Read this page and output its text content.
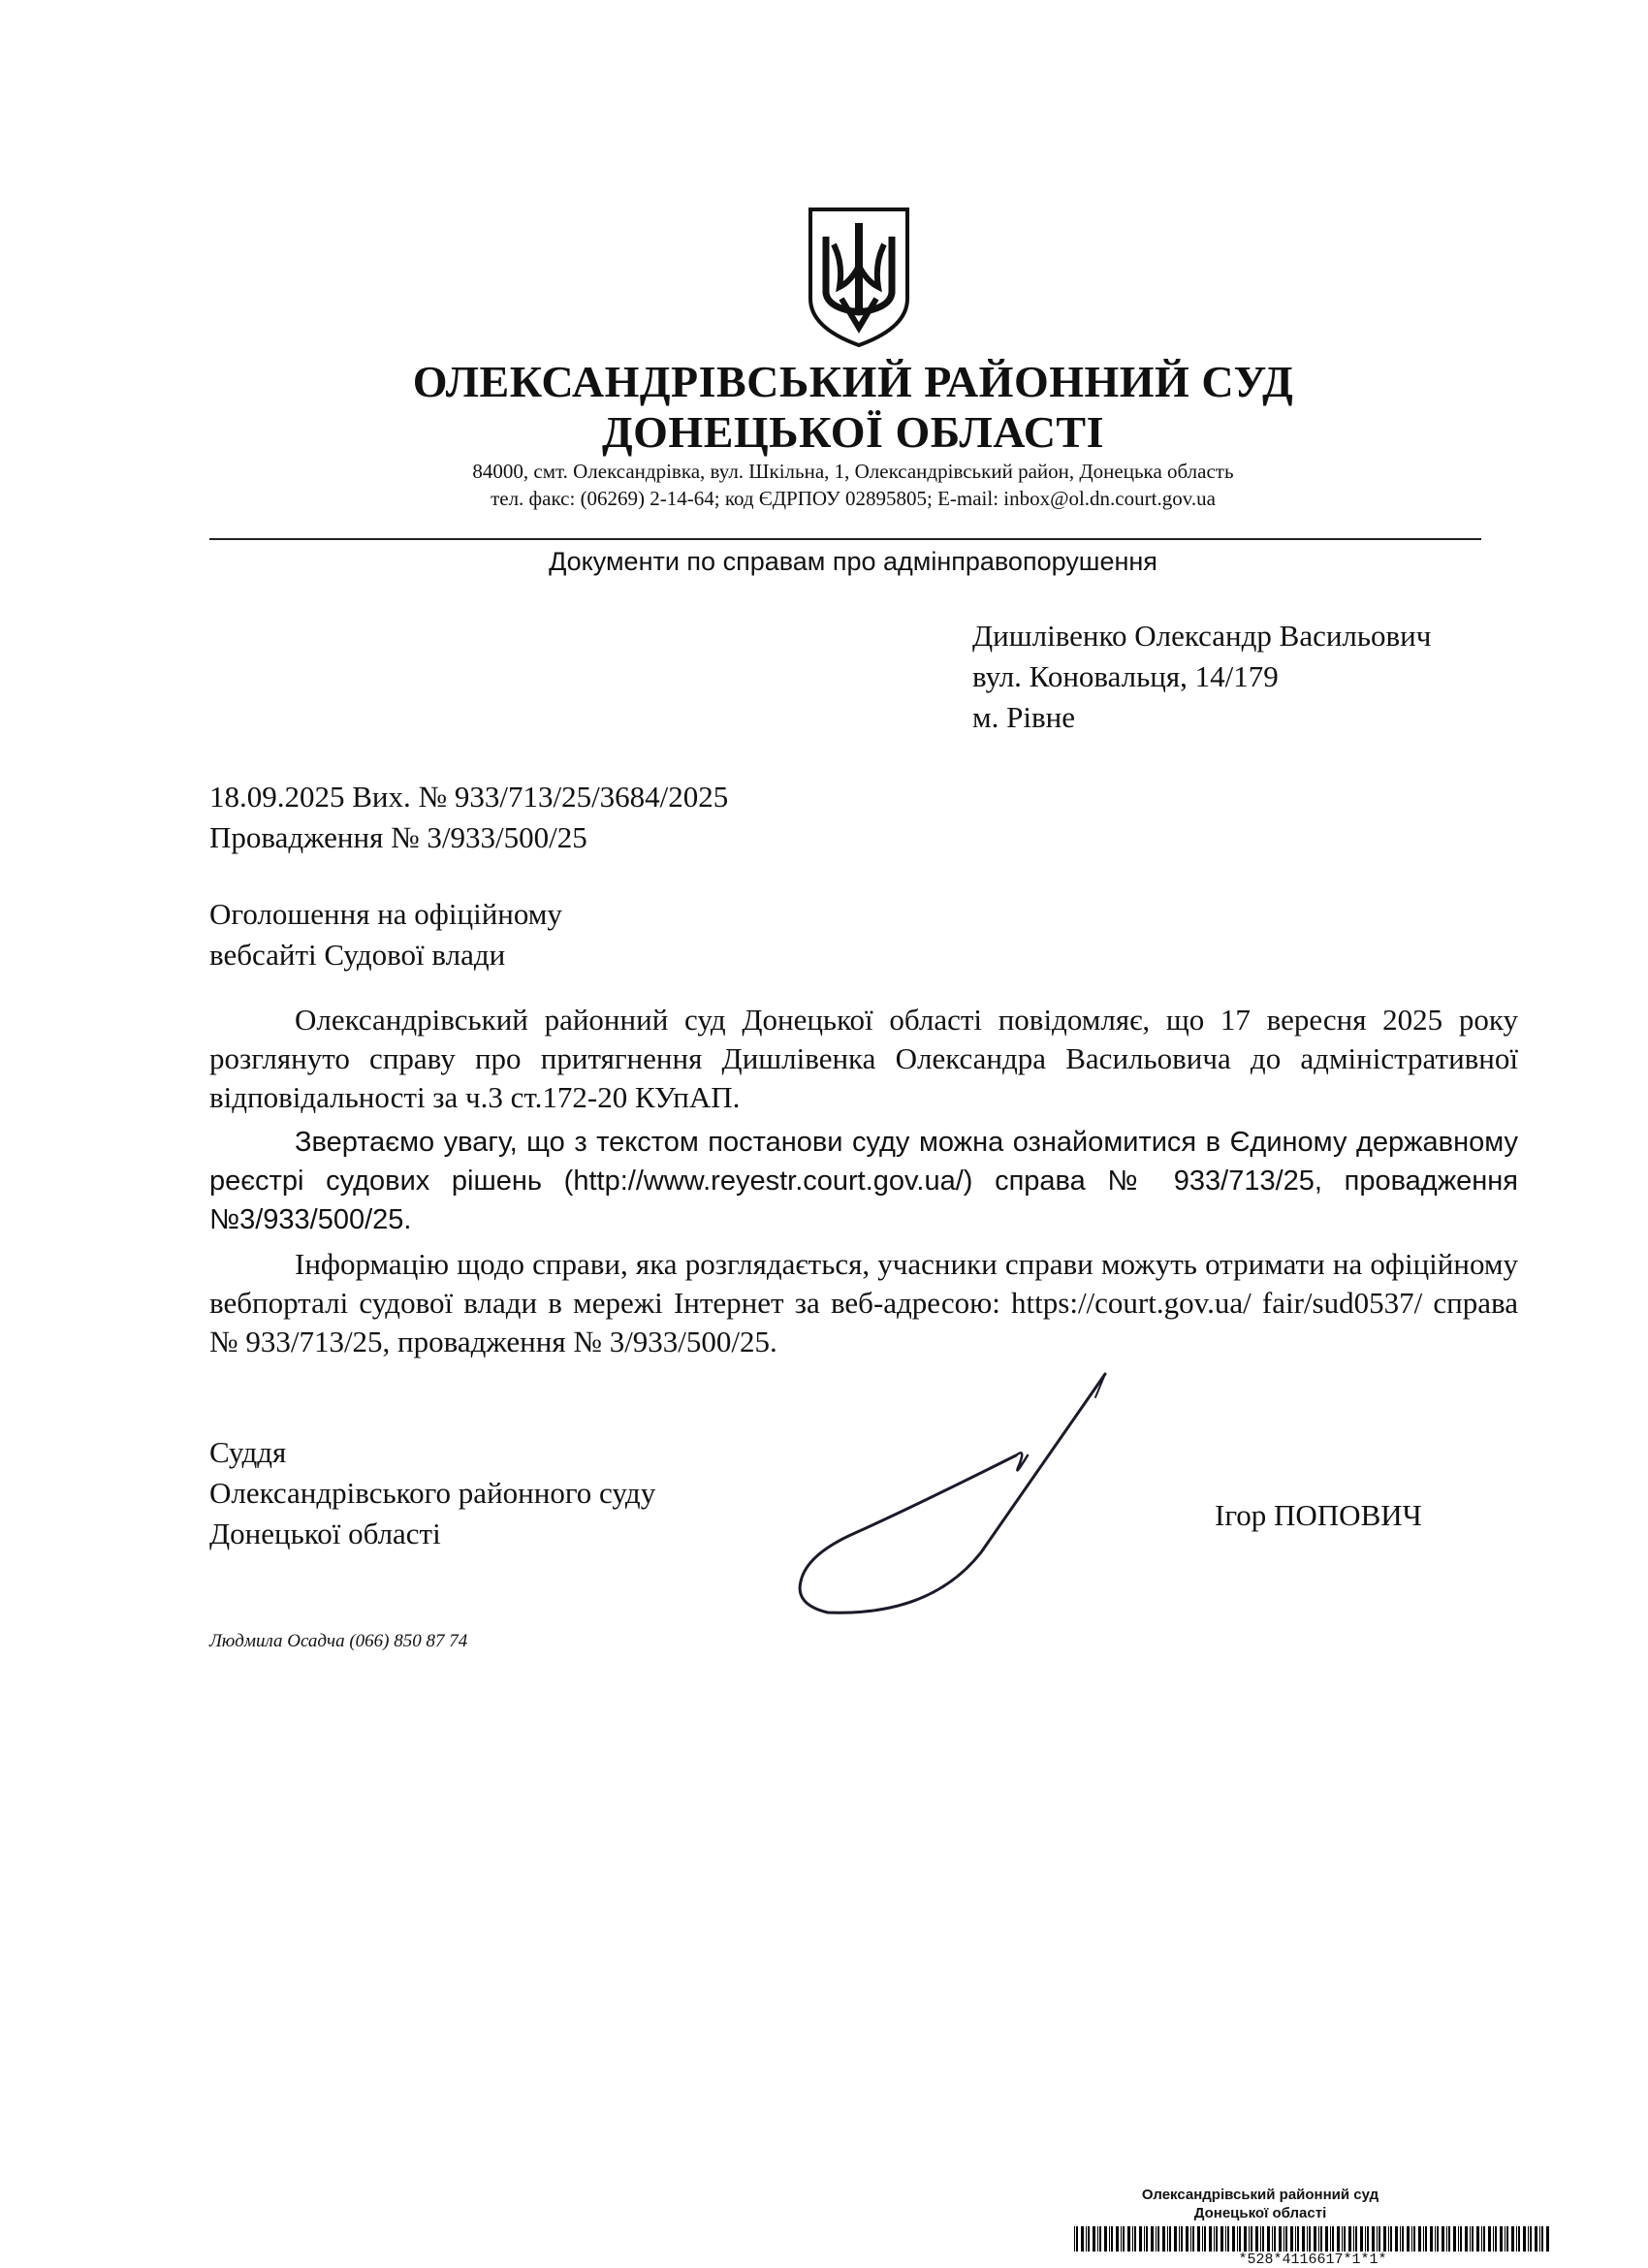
ОЛЕКСАНДРІВСЬКИЙ РАЙОННИЙ СУД
ДОНЕЦЬКОЇ ОБЛАСТІ
84000, смт. Олександрівка, вул. Шкільна, 1, Олександрівський район, Донецька область
тел. факс: (06269) 2-14-64; код ЄДРПОУ 02895805; E-mail: inbox@ol.dn.court.gov.ua
Документи по справам про адмінправопорушення
Дишлівенко Олександр Васильович
вул. Коновальця, 14/179
м. Рівне
18.09.2025 Вих. № 933/713/25/3684/2025
Провадження № 3/933/500/25
Оголошення на офіційному
вебсайті Судової влади

Олександрівський районний суд Донецької області повідомляє, що 17 вересня 2025 року розглянуто справу про притягнення Дишлівенка Олександра Васильовича до адміністративної відповідальності за ч.3 ст.172-20 КУпАП.

Звертаємо увагу, що з текстом постанови суду можна ознайомитися в Єдиному державному реєстрі судових рішень (http://www.reyestr.court.gov.ua/) справа № 933/713/25, провадження №3/933/500/25.

Інформацію щодо справи, яка розглядається, учасники справи можуть отримати на офіційному вебпорталі судової влади в мережі Інтернет за веб-адресою: https://court.gov.ua/ fair/sud0537/ справа № 933/713/25, провадження № 3/933/500/25.

Суддя
Олександрівського районного суду
Донецької області
Ігор ПОПОВИЧ
Людмила Осадча (066) 850 87 74
Олександрівський районний суд
Донецької області
*528*4116617*1*1*
